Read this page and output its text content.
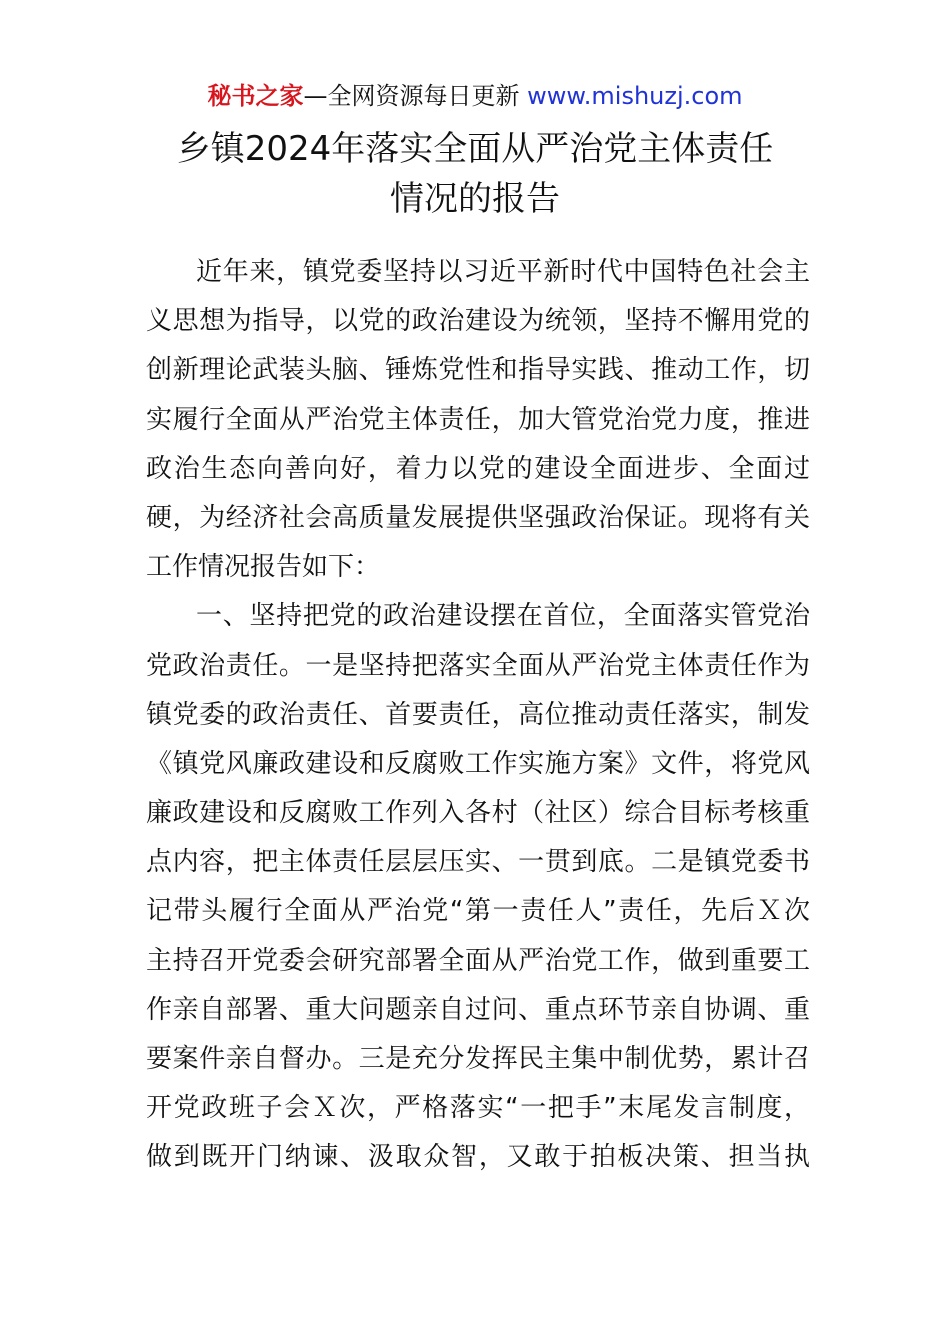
秘书之家—全网资源每日更新 www.mishuzj.com
乡镇2024年落实全面从严治党主体责任
情况的报告
近年来，镇党委坚持以习近平新时代中国特色社会主
义思想为指导，以党的政治建设为统领，坚持不懈用党的
创新理论武装头脑、锤炼党性和指导实践、推动工作，切
实履行全面从严治党主体责任，加大管党治党力度，推进
政治生态向善向好，着力以党的建设全面进步、全面过
硬，为经济社会高质量发展提供坚强政治保证。现将有关
工作情况报告如下：
一、坚持把党的政治建设摆在首位，全面落实管党治
党政治责任。一是坚持把落实全面从严治党主体责任作为
镇党委的政治责任、首要责任，高位推动责任落实，制发
《镇党风廉政建设和反腐败工作实施方案》文件，将党风
廉政建设和反腐败工作列入各村（社区）综合目标考核重
点内容，把主体责任层层压实、一贯到底。二是镇党委书
记带头履行全面从严治党“第一责任人”责任，先后Ｘ次
主持召开党委会研究部署全面从严治党工作，做到重要工
作亲自部署、重大问题亲自过问、重点环节亲自协调、重
要案件亲自督办。三是充分发挥民主集中制优势，累计召
开党政班子会Ｘ次，严格落实“一把手”末尾发言制度，
做到既开门纳谏、汲取众智，又敢于拍板决策、担当执
